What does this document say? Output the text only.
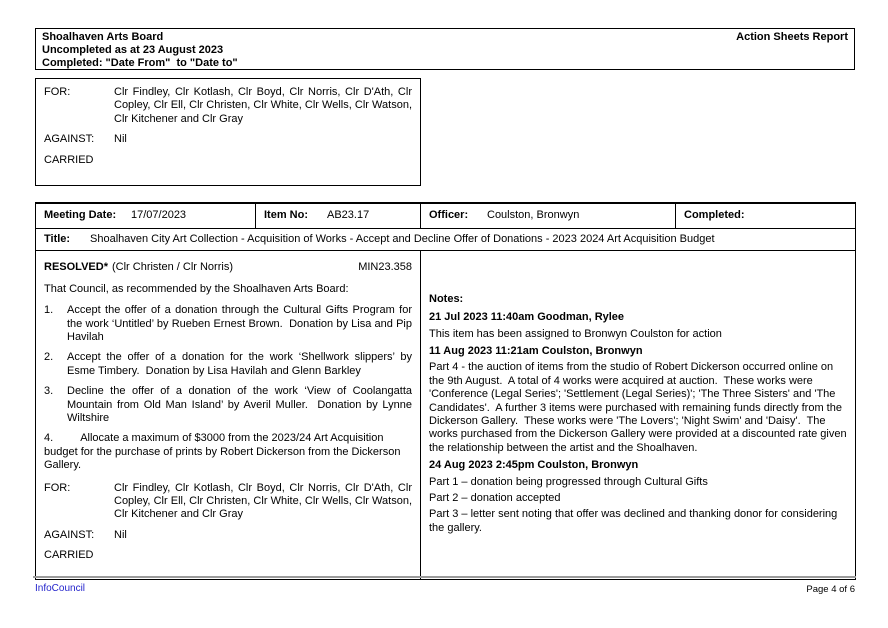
Shoalhaven Arts Board
Uncompleted as at 23 August 2023
Completed: "Date From"  to "Date to"
Action Sheets Report
FOR:	Clr Findley, Clr Kotlash, Clr Boyd, Clr Norris, Clr D'Ath, Clr Copley, Clr Ell, Clr Christen, Clr White, Clr Wells, Clr Watson, Clr Kitchener and Clr Gray
AGAINST:	Nil
CARRIED
Meeting Date: 17/07/2023	Item No: AB23.17	Officer: Coulston, Bronwyn	Completed:
Title: Shoalhaven City Art Collection - Acquisition of Works - Accept and Decline Offer of Donations - 2023 2024 Art Acquisition Budget			

RESOLVED* (Clr Christen / Clr Norris)	MIN23.358
That Council, as recommended by the Shoalhaven Arts Board:
1.	Accept the offer of a donation through the Cultural Gifts Program for the work ‘Untitled’ by Rueben Ernest Brown.  Donation by Lisa and Pip Havilah
2.	Accept the offer of a donation for the work ‘Shellwork slippers’ by Esme Timbery.  Donation by Lisa Havilah and Glenn Barkley
3.	Decline the offer of a donation of the work ‘View of Coolangatta Mountain from Old Man Island’ by Averil Muller.  Donation by Lynne Wiltshire
4. Allocate a maximum of $3000 from the 2023/24 Art Acquisition budget for the purchase of prints by Robert Dickerson from the Dickerson Gallery.
FOR:	Clr Findley, Clr Kotlash, Clr Boyd, Clr Norris, Clr D'Ath, Clr Copley, Clr Ell, Clr Christen, Clr White, Clr Wells, Clr Watson, Clr Kitchener and Clr Gray
AGAINST:	Nil
CARRIED

Notes:
21 Jul 2023 11:40am Goodman, Rylee
This item has been assigned to Bronwyn Coulston for action
11 Aug 2023 11:21am Coulston, Bronwyn
Part 4 - the auction of items from the studio of Robert Dickerson occurred online on the 9th August.  A total of 4 works were acquired at auction.  These works were 'Conference (Legal Series'; 'Settlement (Legal Series)'; 'The Three Sisters' and 'The Candidates'.  A further 3 items were purchased with remaining funds directly from the Dickerson Gallery.  These works were 'The Lovers'; 'Night Swim' and 'Daisy'.  The works purchased from the Dickerson Gallery were provided at a discounted rate given the relationship between the artist and the Shoalhaven.
24 Aug 2023 2:45pm Coulston, Bronwyn
Part 1 – donation being progressed through Cultural Gifts
Part 2 – donation accepted
Part 3 – letter sent noting that offer was declined and thanking donor for considering the gallery.
InfoCouncil	Page 4 of 6
